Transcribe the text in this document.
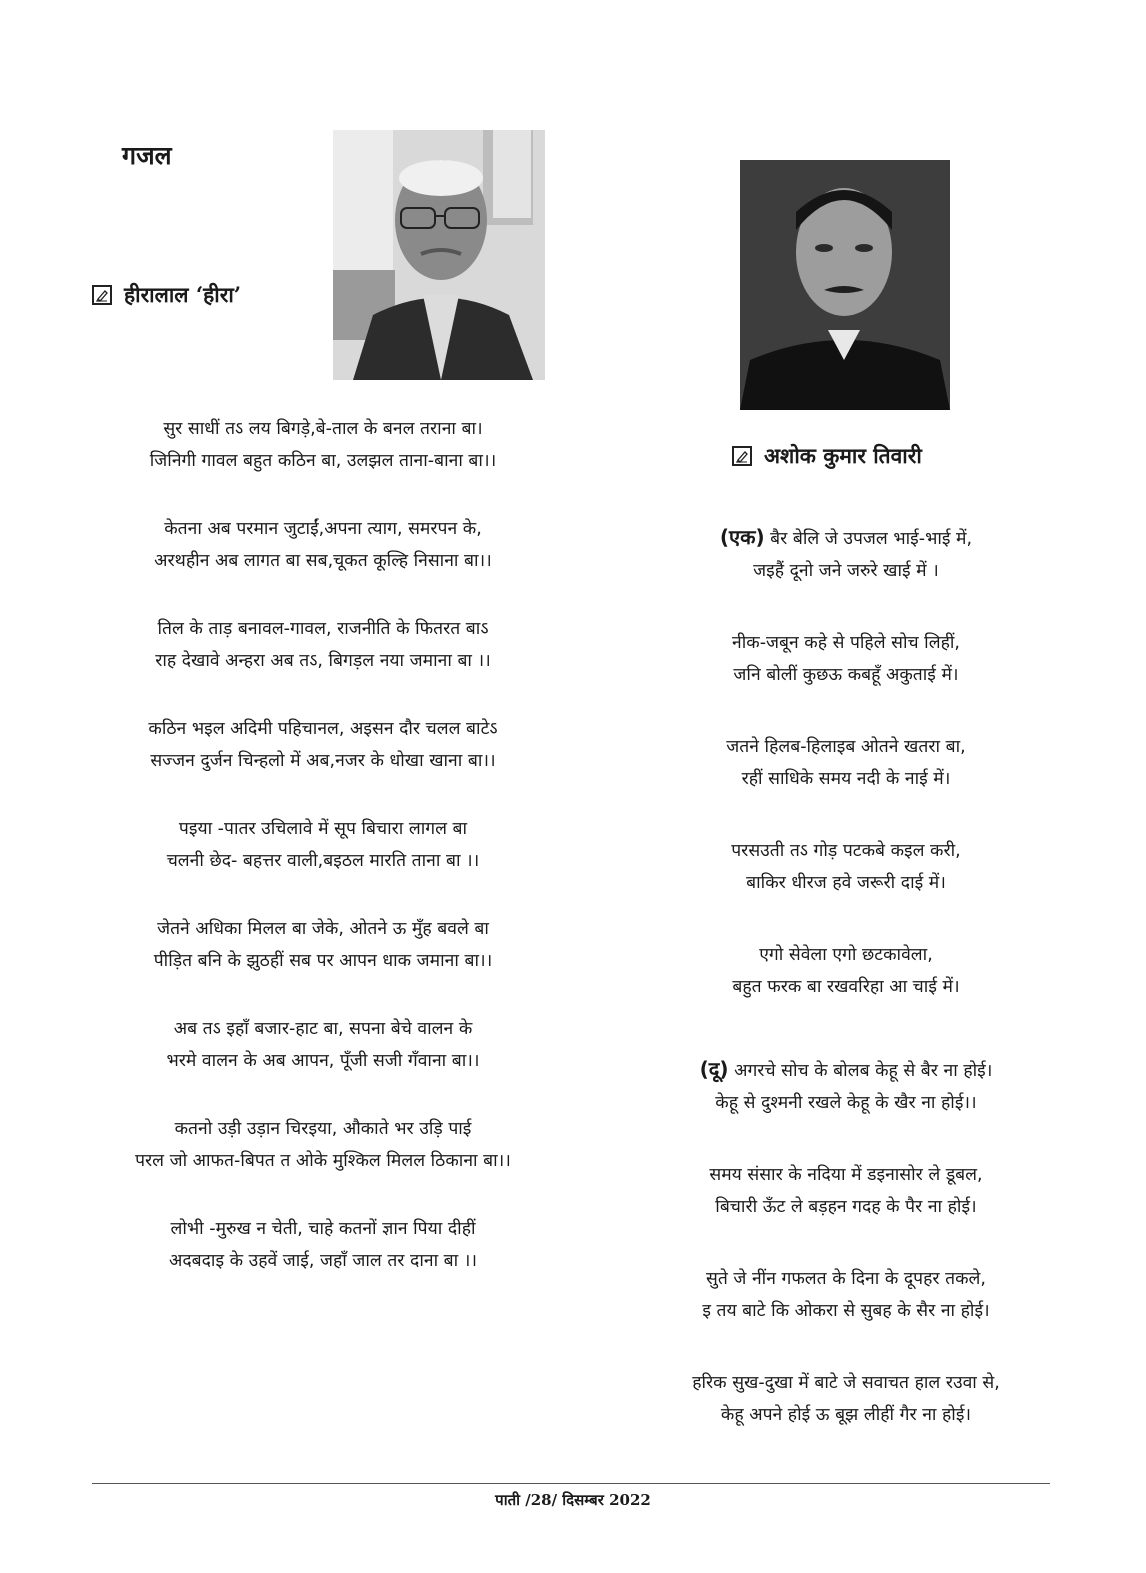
गजल
हीरालाल ‘हीरा’
अशोक कुमार तिवारी

सुर साधीं तऽ लय बिगड़े,बे-ताल के बनल तराना बा।

जिनिगी गावल बहुत कठिन बा, उलझल ताना-बाना बा।।

केतना अब परमान जुटाईं,अपना त्याग, समरपन के,

अरथहीन अब लागत बा सब,चूकत कूल्हि निसाना बा।।

तिल के ताड़ बनावल-गावल, राजनीति के फितरत बाऽ

राह देखावे अन्हरा अब तऽ, बिगड़ल नया जमाना बा ।।

कठिन भइल अदिमी पहिचानल, अइसन दौर चलल बाटेऽ

सज्जन दुर्जन चिन्हलो में अब,नजर के धोखा खाना बा।।

पइया -पातर उचिलावे में सूप बिचारा लागल बा

चलनी छेद- बहत्तर वाली,बइठल मारति ताना बा ।।

जेतने अधिका मिलल बा जेके, ओतने ऊ मुँह बवले बा

पीड़ित बनि के झुठहीं सब पर आपन धाक जमाना बा।।

अब तऽ इहाँ बजार-हाट बा, सपना बेचे वालन के

भरमे वालन के अब आपन, पूँजी सजी गँवाना बा।।

कतनो उड़ी उड़ान चिरइया, औकाते भर उड़ि पाई

परल जो आफत-बिपत त ओके मुश्किल मिलल ठिकाना बा।।

लोभी -मुरुख न चेती, चाहे कतनों ज्ञान पिया दीहीं

अदबदाइ के उहवें जाई, जहाँ जाल तर दाना बा ।।

(एक) बैर बेलि जे उपजल भाई-भाई में,

जइहैं दूनो जने जरुरे खाई में ।

नीक-जबून कहे से पहिले सोच लिहीं,

जनि बोलीं कुछऊ कबहूँ अकुताई में।

जतने हिलब-हिलाइब ओतने खतरा बा,

रहीं साधिके समय नदी के नाई में।

परसउती तऽ गोड़ पटकबे कइल करी,

बाकिर धीरज हवे जरूरी दाई में।

एगो सेवेला एगो छटकावेला,

बहुत फरक बा रखवरिहा आ चाई में।

(दू) अगरचे सोच के बोलब केहू से बैर ना होई।

केहू से दुश्मनी रखले केहू के खैर ना होई।।

समय संसार के नदिया में डइनासोर ले डूबल,

बिचारी ऊँट ले बड़हन गदह के पैर ना होई।

सुते जे नींन गफलत के दिना के दूपहर तकले,

इ तय बाटे कि ओकरा से सुबह के सैर ना होई।

हरिक सुख-दुखा में बाटे जे सवाचत हाल रउवा से,

केहू अपने होई ऊ बूझ लीहीं गैर ना होई।

पाती /28/ दिसम्बर 2022
